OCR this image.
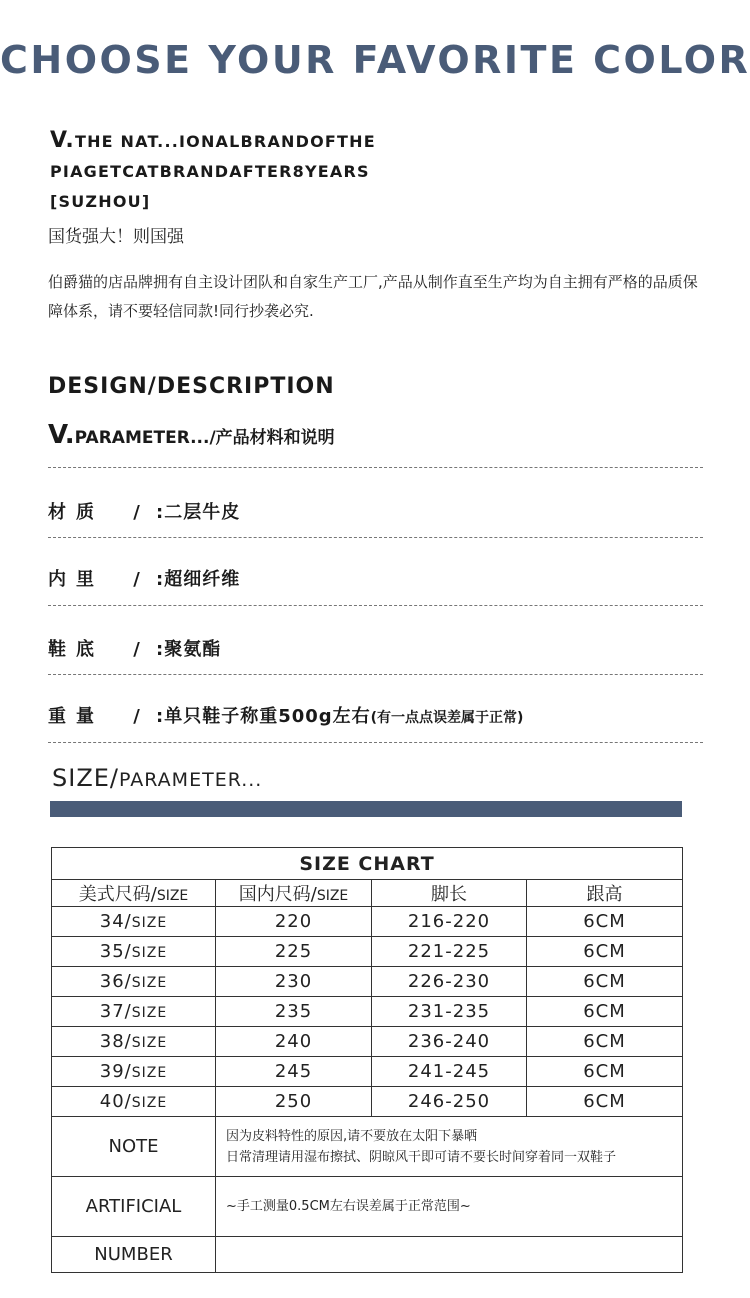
CHOOSE YOUR FAVORITE COLOR
V.THE NAT...IONALBRANDOFTHE
PIAGETCATBRANDAFTER8YEARS
[SUZHOU]
国货强大！则国强
伯爵猫的店品牌拥有自主设计团队和自家生产工厂,产品从制作直至生产均为自主拥有严格的品质保障体系，请不要轻信同款!同行抄袭必究.
DESIGN/DESCRIPTION
V.PARAMETER.../产品材料和说明
材质 / :二层牛皮
内里 / :超细纤维
鞋底 / :聚氨酯
重量 / :单只鞋子称重500g左右(有一点点误差属于正常)
SIZE/PARAMETER...
SIZE CHART			
美式尺码/SIZE	国内尺码/SIZE	脚长	跟高
34/SIZE	220	216-220	6CM
35/SIZE	225	221-225	6CM
36/SIZE	230	226-230	6CM
37/SIZE	235	231-235	6CM
38/SIZE	240	236-240	6CM
39/SIZE	245	241-245	6CM
40/SIZE	250	246-250	6CM
NOTE	因为皮料特性的原因,请不要放在太阳下暴晒
日常清理请用湿布擦拭、阴晾风干即可请不要长时间穿着同一双鞋子		

ARTIFICIAL	~手工测量0.5CM左右误差属于正常范围~		
NUMBER			
